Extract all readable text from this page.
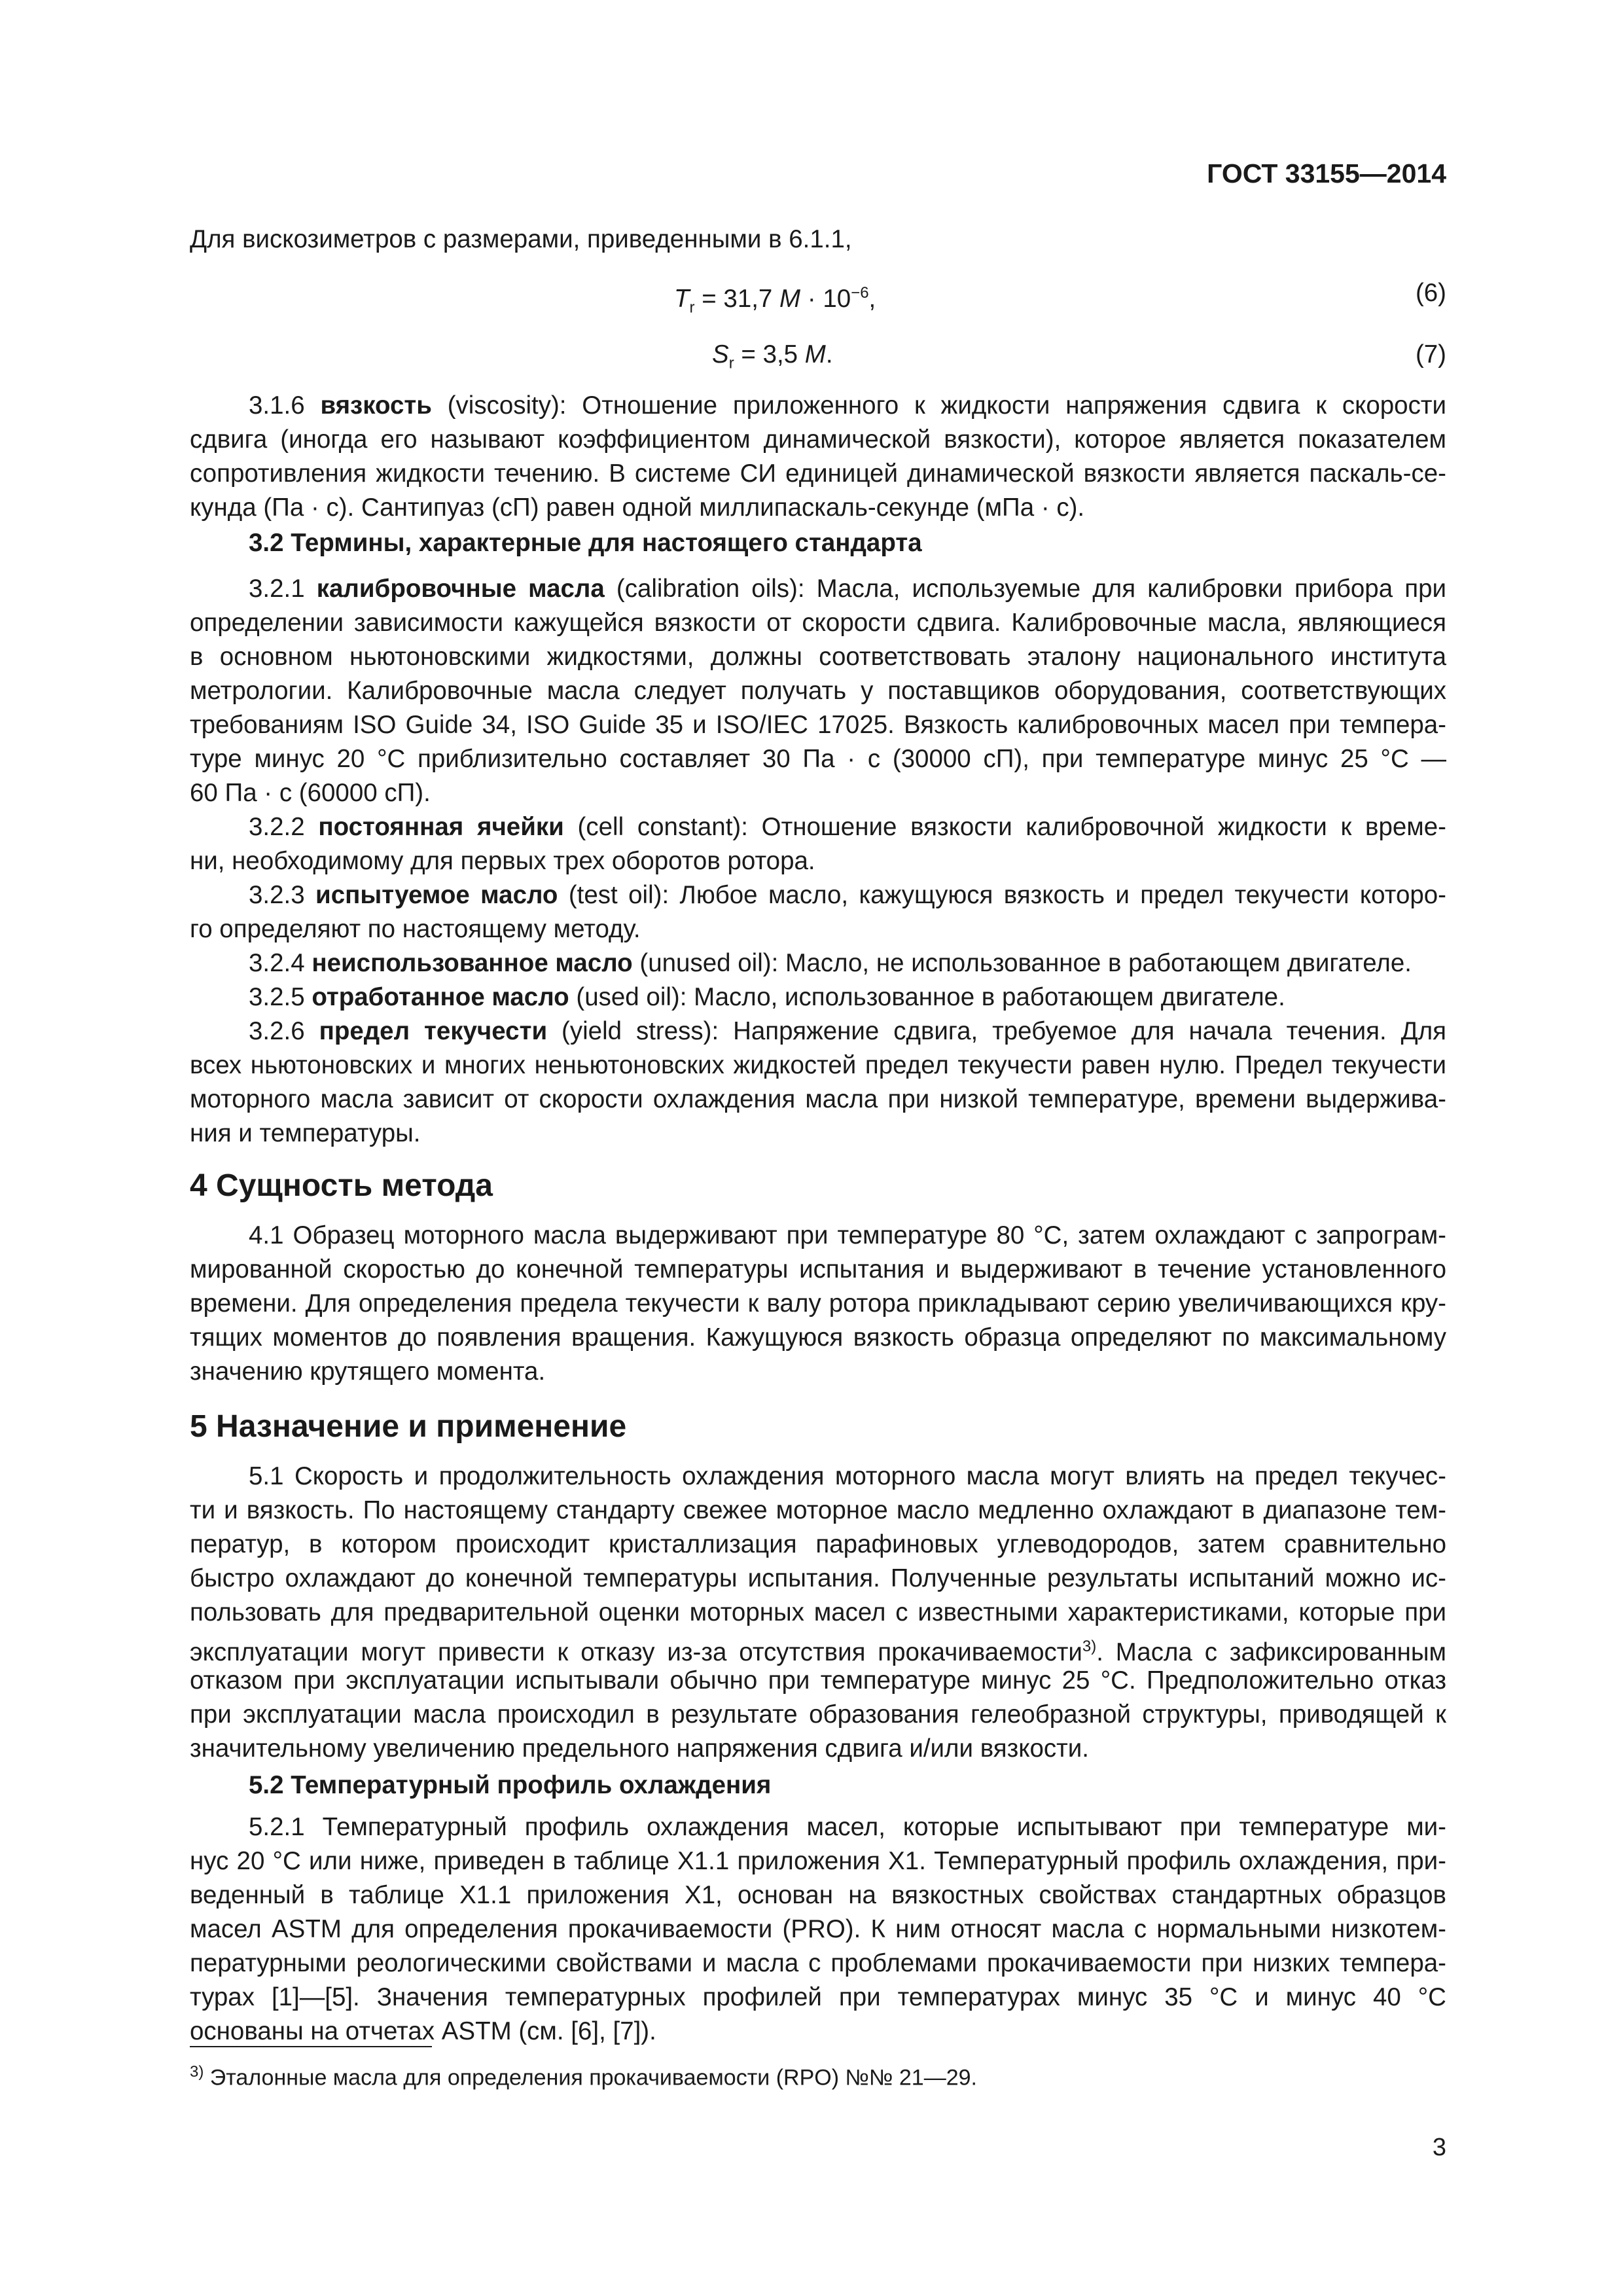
ГОСТ 33155—2014
Для вискозиметров с размерами, приведенными в 6.1.1,
$T_r = 31,7$ $M \cdot 10^{-6}$,	(6)
$S_r = 3,5$ M.	(7)
3.1.6 вязкость (viscosity): Отношение приложенного к жидкости напряжения сдвига к скорости
сдвига (иногда его называют коэффициентом динамической вязкости), которое является показателем
сопротивления жидкости течению. В системе СИ единицей динамической вязкости является паскаль-се-
кунда (Па · с). Сантипуаз (сП) равен одной миллипаскаль-секунде (мПа · с).
3.2 Термины, характерные для настоящего стандарта
3.2.1 калибровочные масла (calibration oils): Масла, используемые для калибровки прибора при
определении зависимости кажущейся вязкости от скорости сдвига. Калибровочные масла, являющиеся
в основном ньютоновскими жидкостями, должны соответствовать эталону национального института
метрологии. Калибровочные масла следует получать у поставщиков оборудования, соответствующих
требованиям ISO Guide 34, ISO Guide 35 и ISO/IEC 17025. Вязкость калибровочных масел при темпера-
туре минус 20 °С приблизительно составляет 30 Па · с (30000 сП), при температуре минус 25 °С —
60 Па · с (60000 сП).
3.2.2 постоянная ячейки (cell constant): Отношение вязкости калибровочной жидкости к време-
ни, необходимому для первых трех оборотов ротора.
3.2.3 испытуемое масло (test oil): Любое масло, кажущуюся вязкость и предел текучести которо-
го определяют по настоящему методу.
3.2.4 неиспользованное масло (unused oil): Масло, не использованное в работающем двигателе.
3.2.5 отработанное масло (used oil): Масло, использованное в работающем двигателе.
3.2.6 предел текучести (yield stress): Напряжение сдвига, требуемое для начала течения. Для
всех ньютоновских и многих неньютоновских жидкостей предел текучести равен нулю. Предел текучести
моторного масла зависит от скорости охлаждения масла при низкой температуре, времени выдержива-
ния и температуры.
4 Сущность метода
4.1 Образец моторного масла выдерживают при температуре 80 °С, затем охлаждают с запрограм-
мированной скоростью до конечной температуры испытания и выдерживают в течение установленного
времени. Для определения предела текучести к валу ротора прикладывают серию увеличивающихся кру-
тящих моментов до появления вращения. Кажущуюся вязкость образца определяют по максимальному
значению крутящего момента.
5 Назначение и применение
5.1 Скорость и продолжительность охлаждения моторного масла могут влиять на предел текучес-
ти и вязкость. По настоящему стандарту свежее моторное масло медленно охлаждают в диапазоне тем-
ператур, в котором происходит кристаллизация парафиновых углеводородов, затем сравнительно
быстро охлаждают до конечной температуры испытания. Полученные результаты испытаний можно ис-
пользовать для предварительной оценки моторных масел с известными характеристиками, которые при
эксплуатации могут привести к отказу из-за отсутствия прокачиваемости$^{3)}$. Масла с зафиксированным
отказом при эксплуатации испытывали обычно при температуре минус 25 °С. Предположительно отказ
при эксплуатации масла происходил в результате образования гелеобразной структуры, приводящей к
значительному увеличению предельного напряжения сдвига и/или вязкости.
5.2 Температурный профиль охлаждения
5.2.1 Температурный профиль охлаждения масел, которые испытывают при температуре ми-
нус 20 °С или ниже, приведен в таблице Х1.1 приложения Х1. Температурный профиль охлаждения, при-
веденный в таблице Х1.1 приложения Х1, основан на вязкостных свойствах стандартных образцов
масел ASTM для определения прокачиваемости (PRO). К ним относят масла с нормальными низкотем-
пературными реологическими свойствами и масла с проблемами прокачиваемости при низких темпера-
турах [1]—[5]. Значения температурных профилей при температурах минус 35 °С и минус 40 °С
основаны на отчетах ASTM (см. [6], [7]).
$^{3)}$ Эталонные масла для определения прокачиваемости (RPO) №№ 21—29.
3
